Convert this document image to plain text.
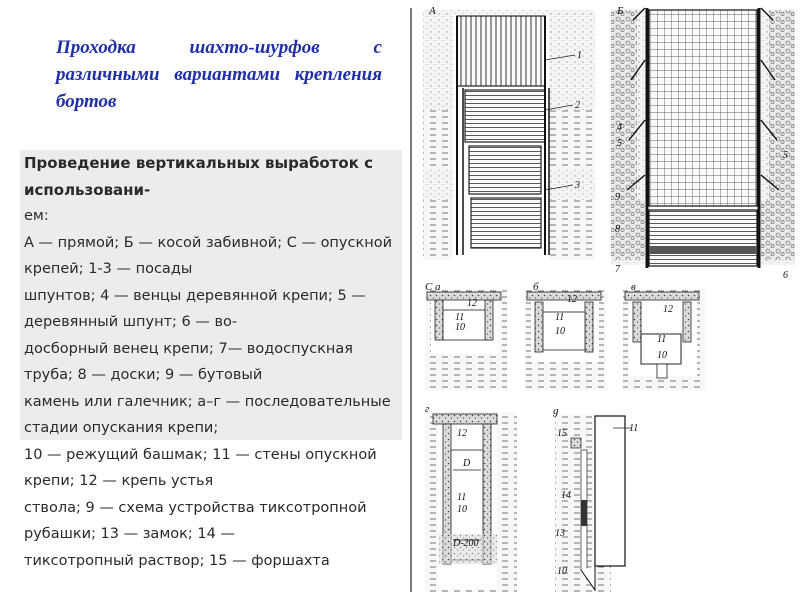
Проходка шахто-шурфов с различными вариантами крепления бортов

Проведение вертикальных выработок с использовани-

ем:

А — прямой; Б — косой забивной; С — опускной крепей; 1-3 — посады

шпунтов; 4 — венцы деревянной крепи; 5 — деревянный шпунт; 6 — во-

досборный венец крепи; 7— водоспускная труба; 8 — доски; 9 — бутовый

камень или галечник; а–г — последовательные стадии опускания крепи;

10 — режущий башмак; 11 — стены опускной крепи; 12 — крепь устья

ствола; 9 — схема устройства тиксотропной рубашки; 13 — замок; 14 —

тиксотропный раствор; 15 — форшахта

А
1
2
3
Б
4
5
5
9
8
7
6
С а
12
11
10
б
12
11
10
в
12
11
10
г
12
D
11
10
D-200
g
15	11
14
13
10
